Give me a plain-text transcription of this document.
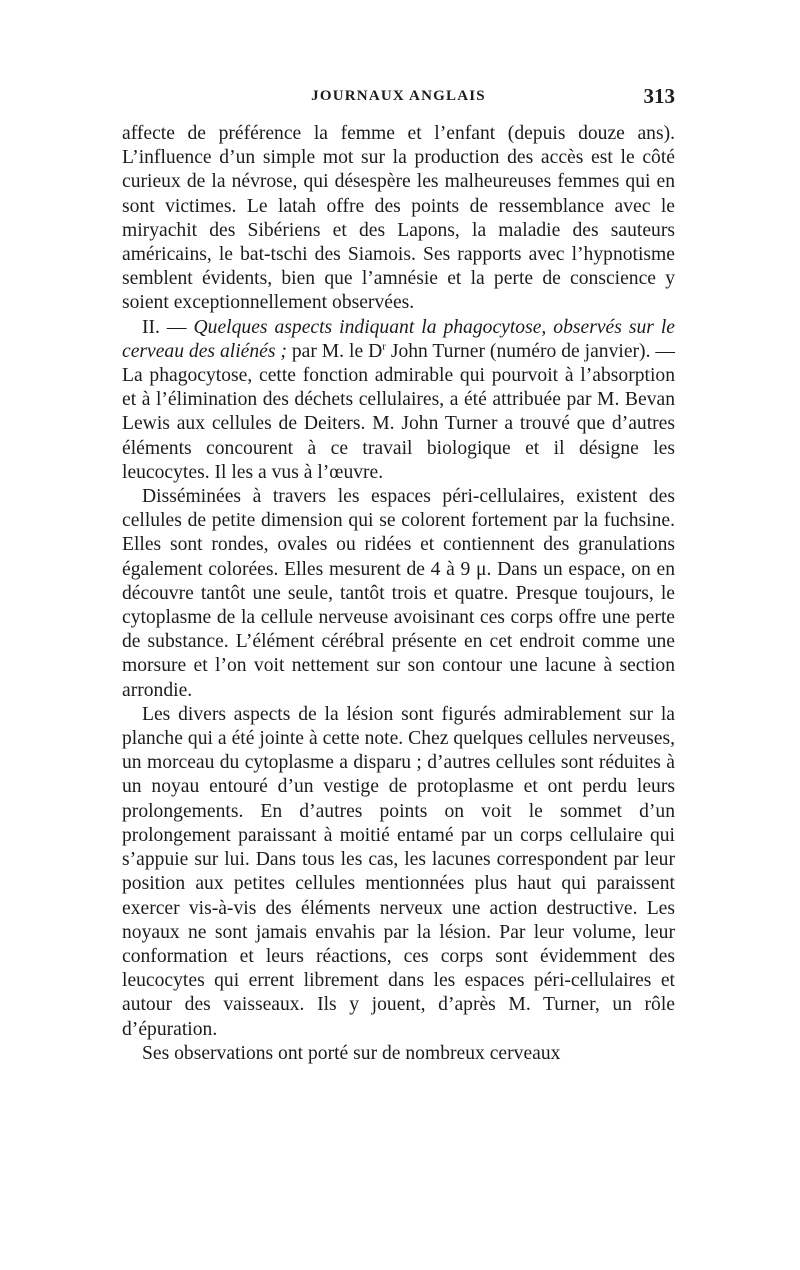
JOURNAUX ANGLAIS	313

affecte de préférence la femme et l’enfant (depuis douze ans). L’influence d’un simple mot sur la production des accès est le côté curieux de la névrose, qui désespère les malheureuses femmes qui en sont victimes. Le latah offre des points de ressemblance avec le miryachit des Sibériens et des Lapons, la maladie des sauteurs américains, le bat-tschi des Siamois. Ses rapports avec l’hypnotisme semblent évidents, bien que l’amnésie et la perte de conscience y soient exceptionnellement observées.

II. — Quelques aspects indiquant la phagocytose, observés sur le cerveau des aliénés ; par M. le $D^r$ John Turner (numéro de janvier). — La phagocytose, cette fonction admirable qui pourvoit à l’absorption et à l’élimination des déchets cellulaires, a été attribuée par M. Bevan Lewis aux cellules de Deiters. M. John Turner a trouvé que d’autres éléments concourent à ce travail biologique et il désigne les leucocytes. Il les a vus à l’œuvre.

Disséminées à travers les espaces péri-cellulaires, existent des cellules de petite dimension qui se colorent fortement par la fuchsine. Elles sont rondes, ovales ou ridées et contiennent des granulations également colorées. Elles mesurent de 4 à 9 μ. Dans un espace, on en découvre tantôt une seule, tantôt trois et quatre. Presque toujours, le cytoplasme de la cellule nerveuse avoisinant ces corps offre une perte de substance. L’élément cérébral présente en cet endroit comme une morsure et l’on voit nettement sur son contour une lacune à section arrondie.

Les divers aspects de la lésion sont figurés admirablement sur la planche qui a été jointe à cette note. Chez quelques cellules nerveuses, un morceau du cytoplasme a disparu ; d’autres cellules sont réduites à un noyau entouré d’un vestige de protoplasme et ont perdu leurs prolongements. En d’autres points on voit le sommet d’un prolongement paraissant à moitié entamé par un corps cellulaire qui s’appuie sur lui. Dans tous les cas, les lacunes correspondent par leur position aux petites cellules mentionnées plus haut qui paraissent exercer vis-à-vis des éléments nerveux une action destructive. Les noyaux ne sont jamais envahis par la lésion. Par leur volume, leur conformation et leurs réactions, ces corps sont évidemment des leucocytes qui errent librement dans les espaces péri-cellulaires et autour des vaisseaux. Ils y jouent, d’après M. Turner, un rôle d’épuration.

Ses observations ont porté sur de nombreux cerveaux
